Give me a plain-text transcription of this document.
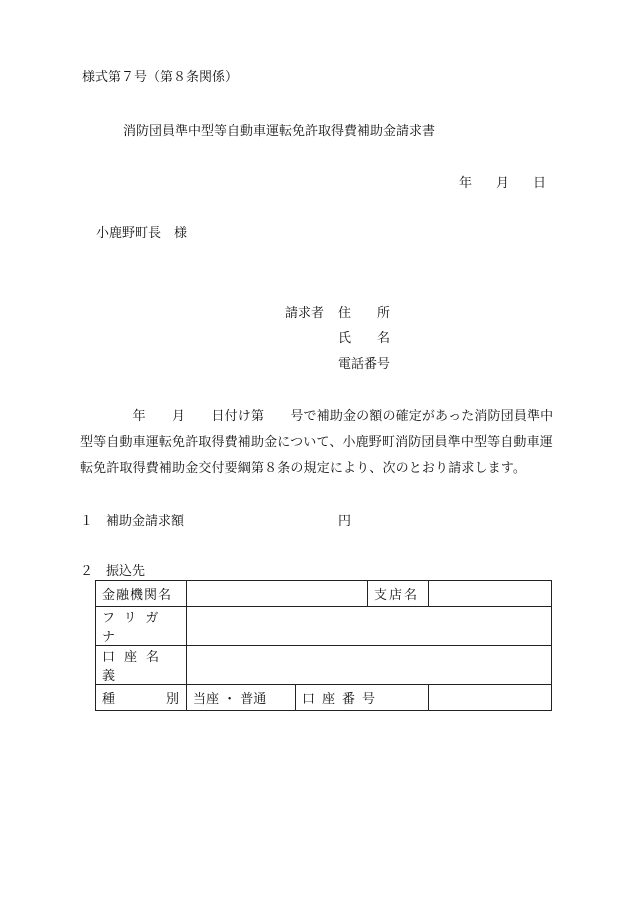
様式第７号（第８条関係）
消防団員準中型等自動車運転免許取得費補助金請求書
年 月 日
小鹿野町長　様
請求者 住　　所
氏　　名
電話番号
　　　　年　　月　　日付け第　　号で補助金の額の確定があった消防団員準中型等自動車運転免許取得費補助金について、小鹿野町消防団員準中型等自動車運転免許取得費補助金交付要綱第８条の規定により、次のとおり請求します。
１　補助金請求額	円
２　振込先
金融機関名			支店名	
フリガナ				
口座名義				

種 別	当座 ・ 普通	口座番号		
